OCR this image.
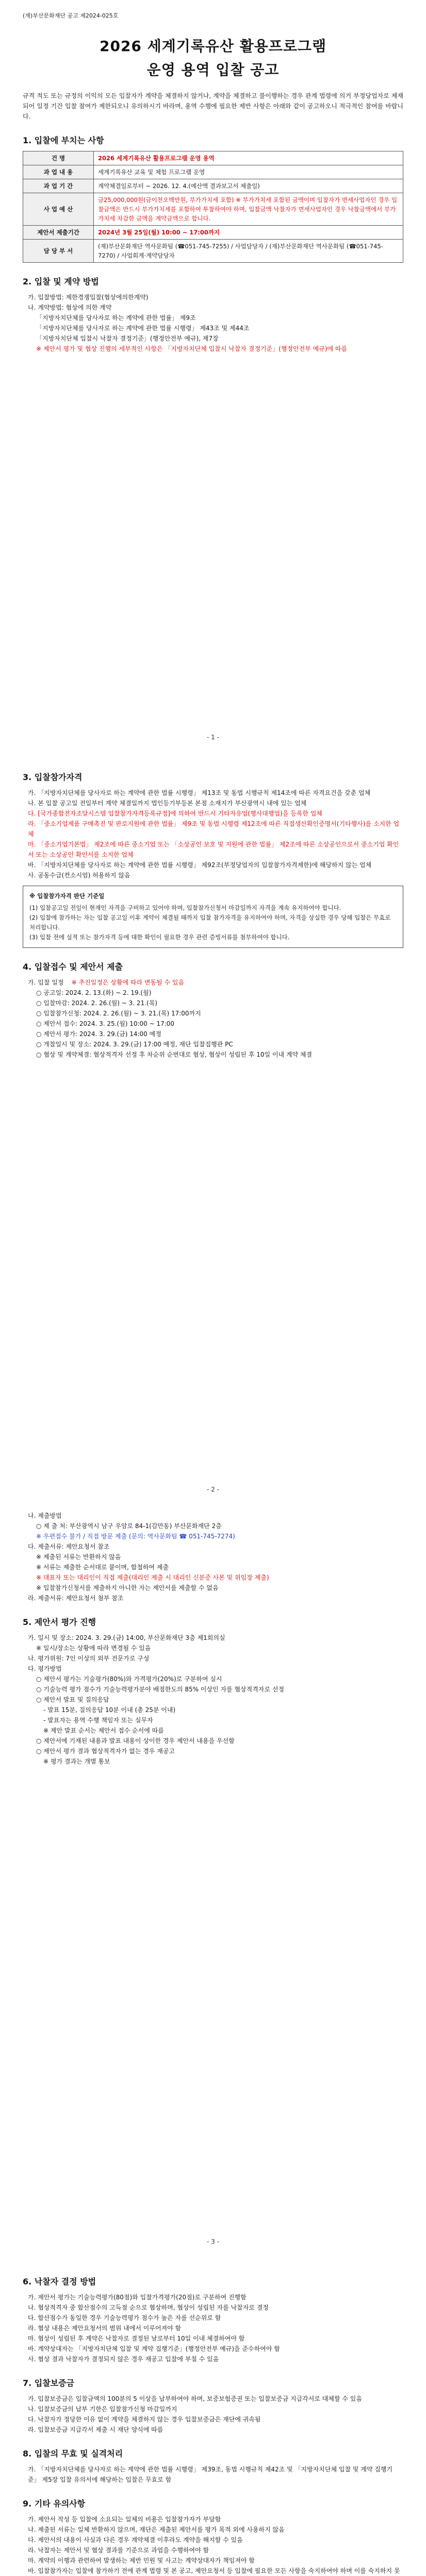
(재)부산문화재단 공고 제2024-025호
2026 세계기록유산 활용프로그램
운영 용역 입찰 공고
규격 적도 또는 규정의 이익의 모든 입찰자가 계약을 체결하지 않거나, 계약을 체결하고 불이행하는 경우 관계 법령에 의거 부정당업자로 제재되어 일정 기간 입찰 참여가 제한되오니 유의하시기 바라며, 용역 수행에 필요한 제반 사항은 아래와 같이 공고하오니 적극적인 참여를 바랍니다.
1. 입찰에 부치는 사항
건 명	2026 세계기록유산 활용프로그램 운영 용역
과 업 내 용	세계기록유산 교육 및 체험 프로그램 운영
과 업 기 간	계약체결일로부터 ~ 2026. 12. 4.(예산액 결과보고서 제출일)
사 업 예 산	금25,000,000원(금이천오백만원, 부가가치세 포함) ※ 부가가치세 포함된 금액이며 입찰자가 면세사업자인 경우 입찰금액은 반드시 부가가치세를 포함하여 투찰하여야 하며, 입찰금액 낙찰자가 면세사업자인 경우 낙찰금액에서 부가가치세 차감한 금액을 계약금액으로 합니다.
제안서 제출기간	2024년 3월 25일(월) 10:00 ~ 17:00까지
담 당 부 서	(재)부산문화재단 역사문화팀 (☎051-745-7255) / 사업담당자 / (재)부산문화재단 역사문화팀 (☎051-745-7270) / 사업회계·계약담당자
2. 입찰 및 계약 방법
가. 입찰방법: 제한경쟁입찰(협상에의한계약)
나. 계약방법: 협상에 의한 계약
「지방자치단체를 당사자로 하는 계약에 관한 법률」 제9조
「지방자치단체를 당사자로 하는 계약에 관한 법률 시행령」 제43조 및 제44조
「지방자치단체 입찰시 낙찰자 결정기준」(행정안전부 예규), 제7장
※ 제안서 평가 및 협상 진행의 세부적인 사항은 「지방자치단체 입찰시 낙찰자 결정기준」(행정안전부 예규)에 따름
- 1 -
3. 입찰참가자격
가. 「지방자치단체를 당사자로 하는 계약에 관한 법률 시행령」 제13조 및 동법 시행규칙 제14조에 따른 자격요건을 갖춘 업체
나. 본 입찰 공고일 전일부터 계약 체결일까지 법인등기부등본 본점 소재지가 부산광역시 내에 있는 업체
다. [국가종합전자조달시스템 입찰참가자격등록규정]에 의하여 반드시 기타자유업(행사대행업)을 등록한 업체
라. 「중소기업제품 구매촉진 및 판로지원에 관한 법률」 제9조 및 동법 시행령 제12조에 따른 직접생산확인증명서(기타행사)를 소지한 업체
마. 「중소기업기본법」 제2조에 따른 중소기업 또는 「소상공인 보호 및 지원에 관한 법률」 제2조에 따른 소상공인으로서 중소기업 확인서 또는 소상공인 확인서를 소지한 업체
바. 「지방자치단체를 당사자로 하는 계약에 관한 법률 시행령」 제92조(부정당업자의 입찰참가자격제한)에 해당하지 않는 업체
사. 공동수급(컨소시엄) 허용하지 않음
※ 입찰참가자격 판단 기준일
(1) 입찰공고일 전일이 현재인 자격을 구비하고 있어야 하며, 입찰참가신청서 마감일까지 자격을 계속 유지하여야 합니다.
(2) 입찰에 참가하는 자는 입찰 공고일 이후 계약이 체결될 때까지 입찰 참가자격을 유지하여야 하며, 자격을 상실한 경우 당해 입찰은 무효로 처리합니다.
(3) 입찰 전에 실적 또는 참가자격 등에 대한 확인이 필요한 경우 관련 증빙서류를 첨부하여야 합니다.
4. 입찰접수 및 제안서 제출
가. 입찰 일정 ※ 추진일정은 상황에 따라 변동될 수 있음
○ 공고일: 2024. 2. 13.(화) ~ 2. 19.(월)
○ 입찰마감: 2024. 2. 26.(월) ~ 3. 21.(목)
○ 입찰참가신청: 2024. 2. 26.(월) ~ 3. 21.(목) 17:00까지
○ 제안서 접수: 2024. 3. 25.(월) 10:00 ~ 17:00
○ 제안서 평가: 2024. 3. 29.(금) 14:00 예정
○ 개찰일시 및 장소: 2024. 3. 29.(금) 17:00 예정, 재단 입찰집행관 PC
○ 협상 및 계약체결: 협상적격자 선정 후 차순위 순번대로 협상, 협상이 성립된 후 10일 이내 계약 체결
- 2 -
나. 제출방법
○ 제 출 처: 부산광역시 남구 우암로 84-1(감만동) 부산문화재단 2층
※ 우편접수 불가 / 직접 방문 제출 (문의: 역사문화팀 ☎ 051-745-7274)
다. 제출서류: 제안요청서 참조
※ 제출된 서류는 반환하지 않음
※ 서류는 제출한 순서대로 붙이며, 합철하여 제출
※ 대표자 또는 대리인이 직접 제출(대리인 제출 시 대리인 신분증 사본 및 위임장 제출)
※ 입찰참가신청서를 제출하지 아니한 자는 제안서를 제출할 수 없음
라. 제출서류: 제안요청서 첨부 참조
5. 제안서 평가 진행
가. 일시 및 장소: 2024. 3. 29.(금) 14:00, 부산문화재단 3층 제1회의실
※ 일시/장소는 상황에 따라 변경될 수 있음
나. 평가위원: 7인 이상의 외부 전문가로 구성
다. 평가방법
○ 제안서 평가는 기술평가(80%)와 가격평가(20%)로 구분하여 실시
○ 기술능력 평가 점수가 기술능력평가분야 배점한도의 85% 이상인 자를 협상적격자로 선정
○ 제안서 발표 및 질의응답
- 발표 15분, 질의응답 10분 이내 (총 25분 이내)
- 발표자는 용역 수행 책임자 또는 실무자
※ 제안 발표 순서는 제안서 접수 순서에 따름
○ 제안서에 기재된 내용과 발표 내용이 상이한 경우 제안서 내용을 우선함
○ 제안서 평가 결과 협상적격자가 없는 경우 재공고
※ 평가 결과는 개별 통보
- 3 -
6. 낙찰자 결정 방법
가. 제안서 평가는 기술능력평가(80점)와 입찰가격평가(20점)로 구분하여 진행함
나. 협상적격자 중 합산점수의 고득점 순으로 협상하며, 협상이 성립된 자를 낙찰자로 결정
다. 합산점수가 동일한 경우 기술능력평가 점수가 높은 자를 선순위로 함
라. 협상 내용은 제안요청서의 범위 내에서 이루어져야 함
마. 협상이 성립된 후 계약은 낙찰자로 결정된 날로부터 10일 이내 체결하여야 함
바. 계약상대자는 「지방자치단체 입찰 및 계약 집행기준」(행정안전부 예규)을 준수하여야 함
사. 협상 결과 낙찰자가 결정되지 않은 경우 재공고 입찰에 부칠 수 있음
7. 입찰보증금
가. 입찰보증금은 입찰금액의 100분의 5 이상을 납부하여야 하며, 보증보험증권 또는 입찰보증금 지급각서로 대체할 수 있음
나. 입찰보증금의 납부 기한은 입찰참가신청 마감일까지
다. 낙찰자가 정당한 이유 없이 계약을 체결하지 않는 경우 입찰보증금은 재단에 귀속됨
라. 입찰보증금 지급각서 제출 시 재단 양식에 따름
8. 입찰의 무효 및 실격처리
가. 「지방자치단체를 당사자로 하는 계약에 관한 법률 시행령」 제39조, 동법 시행규칙 제42조 및 「지방자치단체 입찰 및 계약 집행기준」 제5장 입찰 유의서에 해당하는 입찰은 무효로 함
9. 기타 유의사항
가. 제안서 작성 등 입찰에 소요되는 일체의 비용은 입찰참가자가 부담함
나. 제출된 서류는 일체 반환하지 않으며, 재단은 제출된 제안서를 평가 목적 외에 사용하지 않음
다. 제안서의 내용이 사실과 다른 경우 계약체결 이후라도 계약을 해지할 수 있음
라. 낙찰자는 제안서 및 협상 결과를 기준으로 과업을 수행하여야 함
마. 계약의 이행과 관련하여 발생하는 제반 민원 및 사고는 계약상대자가 책임져야 함
바. 입찰참가자는 입찰에 참가하기 전에 관계 법령 및 본 공고, 제안요청서 등 입찰에 필요한 모든 사항을 숙지하여야 하며 이를 숙지하지 못
